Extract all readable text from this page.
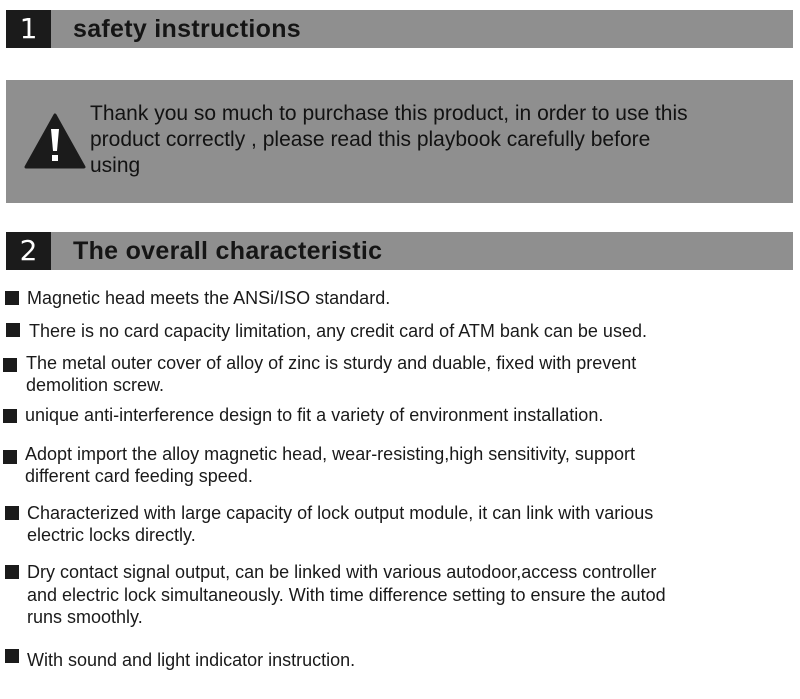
1	safety instructions
Thank you so much to purchase this product, in order to use this
product correctly , please read this playbook carefully before
using
2	The overall characteristic
Magnetic head meets the ANSi/ISO standard.
There is no card capacity limitation, any credit card of ATM bank can be used.
The metal outer cover of alloy of zinc is sturdy and duable, fixed with prevent
demolition screw.
unique anti-interference design to fit a variety of environment installation.
Adopt import the alloy magnetic head, wear-resisting,high sensitivity, support
different card feeding speed.
Characterized with large capacity of lock output module, it can link with various
electric locks directly.
Dry contact signal output, can be linked with various autodoor,access controller
and electric lock simultaneously. With time difference setting to ensure the autod
runs smoothly.
With sound and light indicator instruction.
